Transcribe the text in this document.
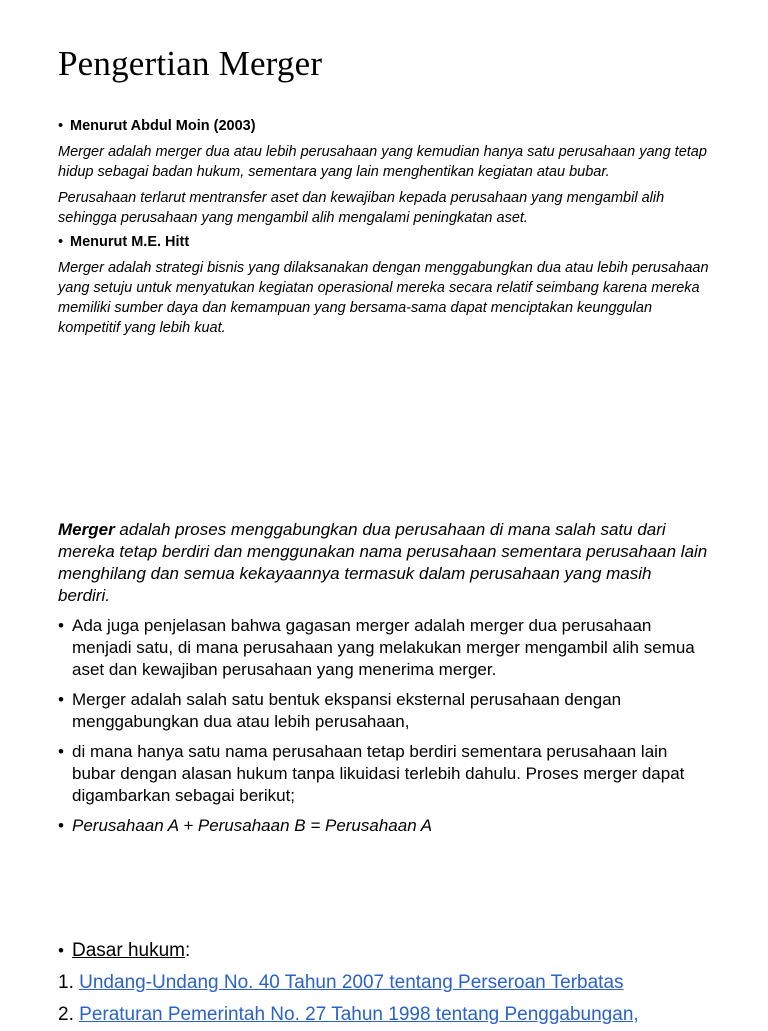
Pengertian Merger
• Menurut Abdul Moin (2003)
Merger adalah merger dua atau lebih perusahaan yang kemudian hanya satu perusahaan yang tetap hidup sebagai badan hukum, sementara yang lain menghentikan kegiatan atau bubar.
Perusahaan terlarut mentransfer aset dan kewajiban kepada perusahaan yang mengambil alih sehingga perusahaan yang mengambil alih mengalami peningkatan aset.
• Menurut M.E. Hitt
Merger adalah strategi bisnis yang dilaksanakan dengan menggabungkan dua atau lebih perusahaan yang setuju untuk menyatukan kegiatan operasional mereka secara relatif seimbang karena mereka memiliki sumber daya dan kemampuan yang bersama-sama dapat menciptakan keunggulan kompetitif yang lebih kuat.
Merger adalah proses menggabungkan dua perusahaan di mana salah satu dari mereka tetap berdiri dan menggunakan nama perusahaan sementara perusahaan lain menghilang dan semua kekayaannya termasuk dalam perusahaan yang masih berdiri.
• Ada juga penjelasan bahwa gagasan merger adalah merger dua perusahaan menjadi satu, di mana perusahaan yang melakukan merger mengambil alih semua aset dan kewajiban perusahaan yang menerima merger.
• Merger adalah salah satu bentuk ekspansi eksternal perusahaan dengan menggabungkan dua atau lebih perusahaan,
• di mana hanya satu nama perusahaan tetap berdiri sementara perusahaan lain bubar dengan alasan hukum tanpa likuidasi terlebih dahulu. Proses merger dapat digambarkan sebagai berikut;
• Perusahaan A + Perusahaan B = Perusahaan A
• Dasar hukum :
1.
Undang-Undang No. 40 Tahun 2007 tentang Perseroan Terbatas
2.
Peraturan Pemerintah No. 27 Tahun 1998 tentang Penggabungan,
